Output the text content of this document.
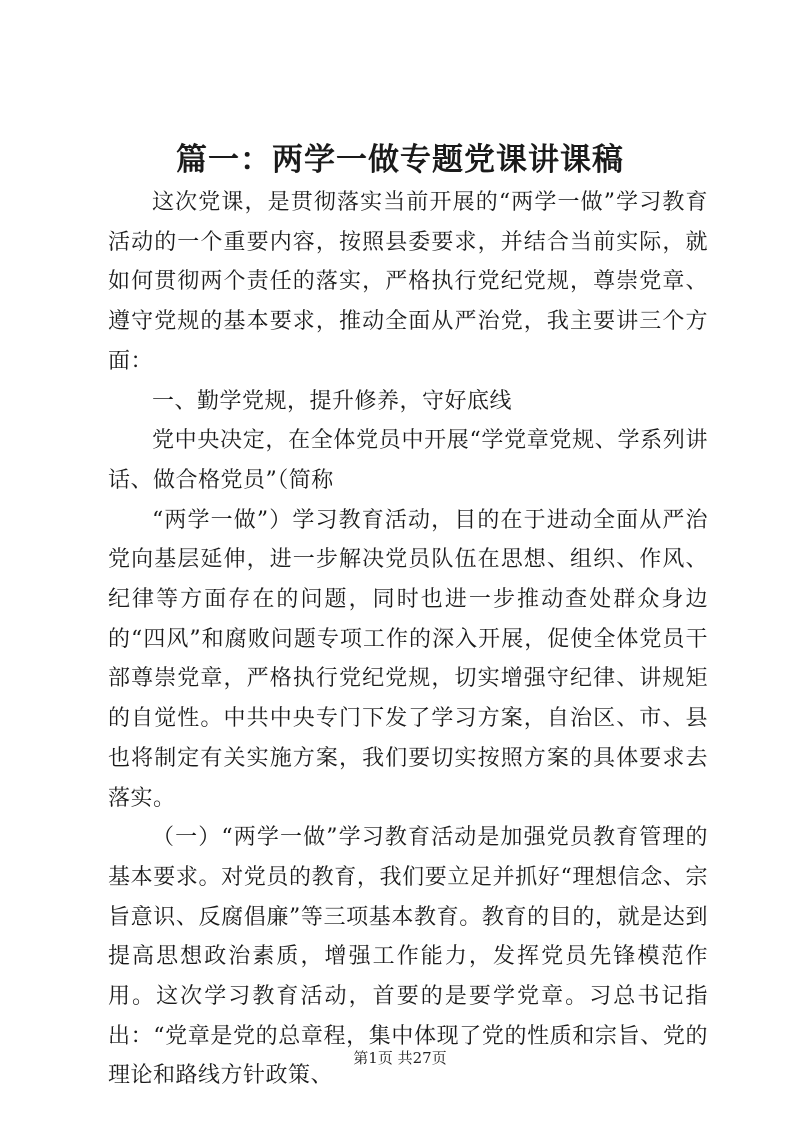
篇一：两学一做专题党课讲课稿

这次党课，是贯彻落实当前开展的“两学一做”学习教育活动的一个重要内容，按照县委要求，并结合当前实际，就如何贯彻两个责任的落实，严格执行党纪党规，尊崇党章、遵守党规的基本要求，推动全面从严治党，我主要讲三个方面：

一、勤学党规，提升修养，守好底线

党中央决定，在全体党员中开展“学党章党规、学系列讲话、做合格党员”（简称

“两学一做”）学习教育活动，目的在于进动全面从严治党向基层延伸，进一步解决党员队伍在思想、组织、作风、纪律等方面存在的问题，同时也进一步推动查处群众身边的“四风”和腐败问题专项工作的深入开展，促使全体党员干部尊崇党章，严格执行党纪党规，切实增强守纪律、讲规矩的自觉性。中共中央专门下发了学习方案，自治区、市、县也将制定有关实施方案，我们要切实按照方案的具体要求去落实。

（一）“两学一做”学习教育活动是加强党员教育管理的基本要求。对党员的教育，我们要立足并抓好“理想信念、宗旨意识、反腐倡廉”等三项基本教育。教育的目的，就是达到提高思想政治素质，增强工作能力，发挥党员先锋模范作用。这次学习教育活动，首要的是要学党章。习总书记指出：“党章是党的总章程，集中体现了党的性质和宗旨、党的理论和路线方针政策、

第1页 共27页
